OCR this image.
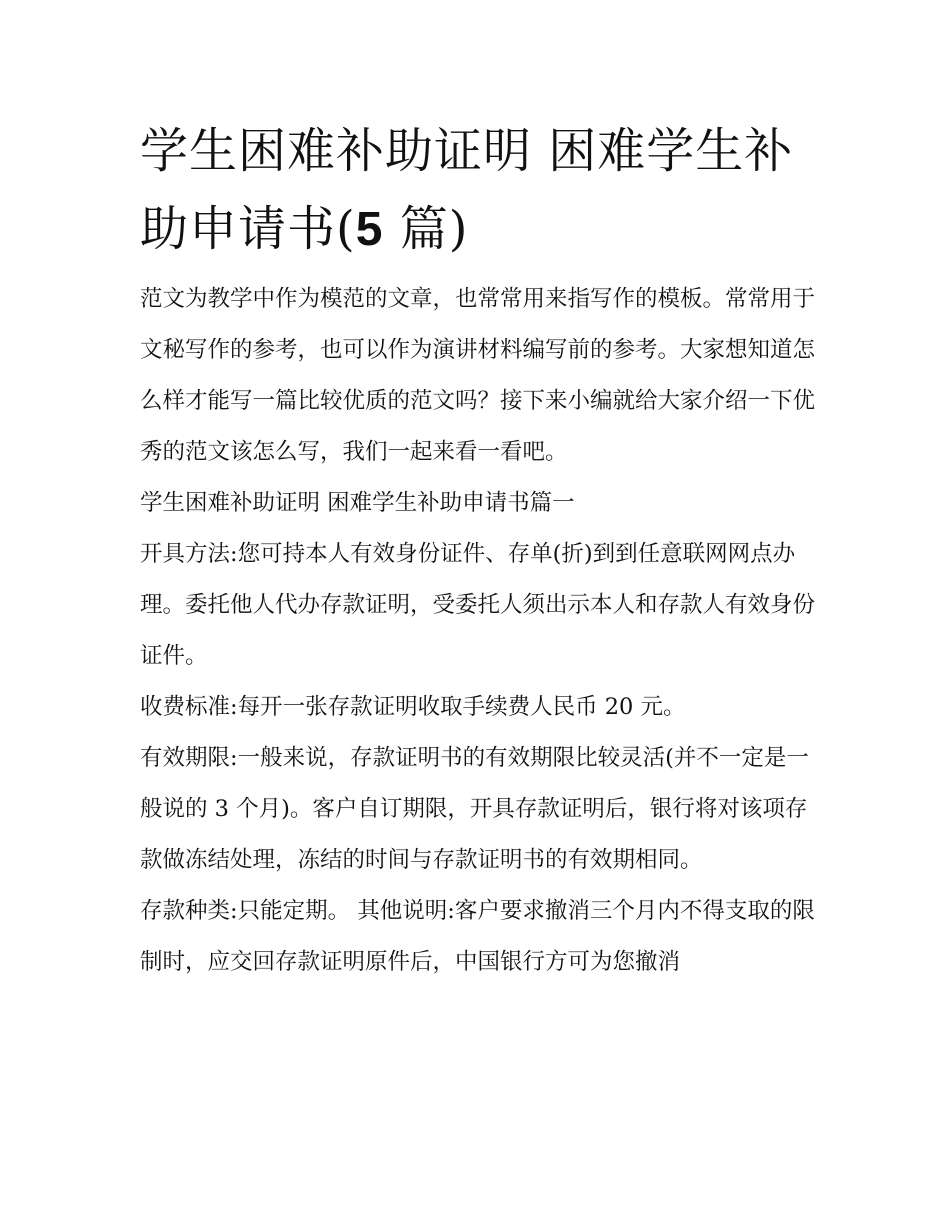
学生困难补助证明 困难学生补助申请书(5 篇)

范文为教学中作为模范的文章，也常常用来指写作的模板。常常用于文秘写作的参考，也可以作为演讲材料编写前的参考。大家想知道怎么样才能写一篇比较优质的范文吗？接下来小编就给大家介绍一下优秀的范文该怎么写，我们一起来看一看吧。

学生困难补助证明 困难学生补助申请书篇一

开具方法:您可持本人有效身份证件、存单(折)到到任意联网网点办理。委托他人代办存款证明，受委托人须出示本人和存款人有效身份证件。

收费标准:每开一张存款证明收取手续费人民币 20 元。

有效期限:一般来说，存款证明书的有效期限比较灵活(并不一定是一般说的 3 个月)。客户自订期限，开具存款证明后，银行将对该项存款做冻结处理，冻结的时间与存款证明书的有效期相同。

存款种类:只能定期。 其他说明:客户要求撤消三个月内不得支取的限制时，应交回存款证明原件后，中国银行方可为您撤消
